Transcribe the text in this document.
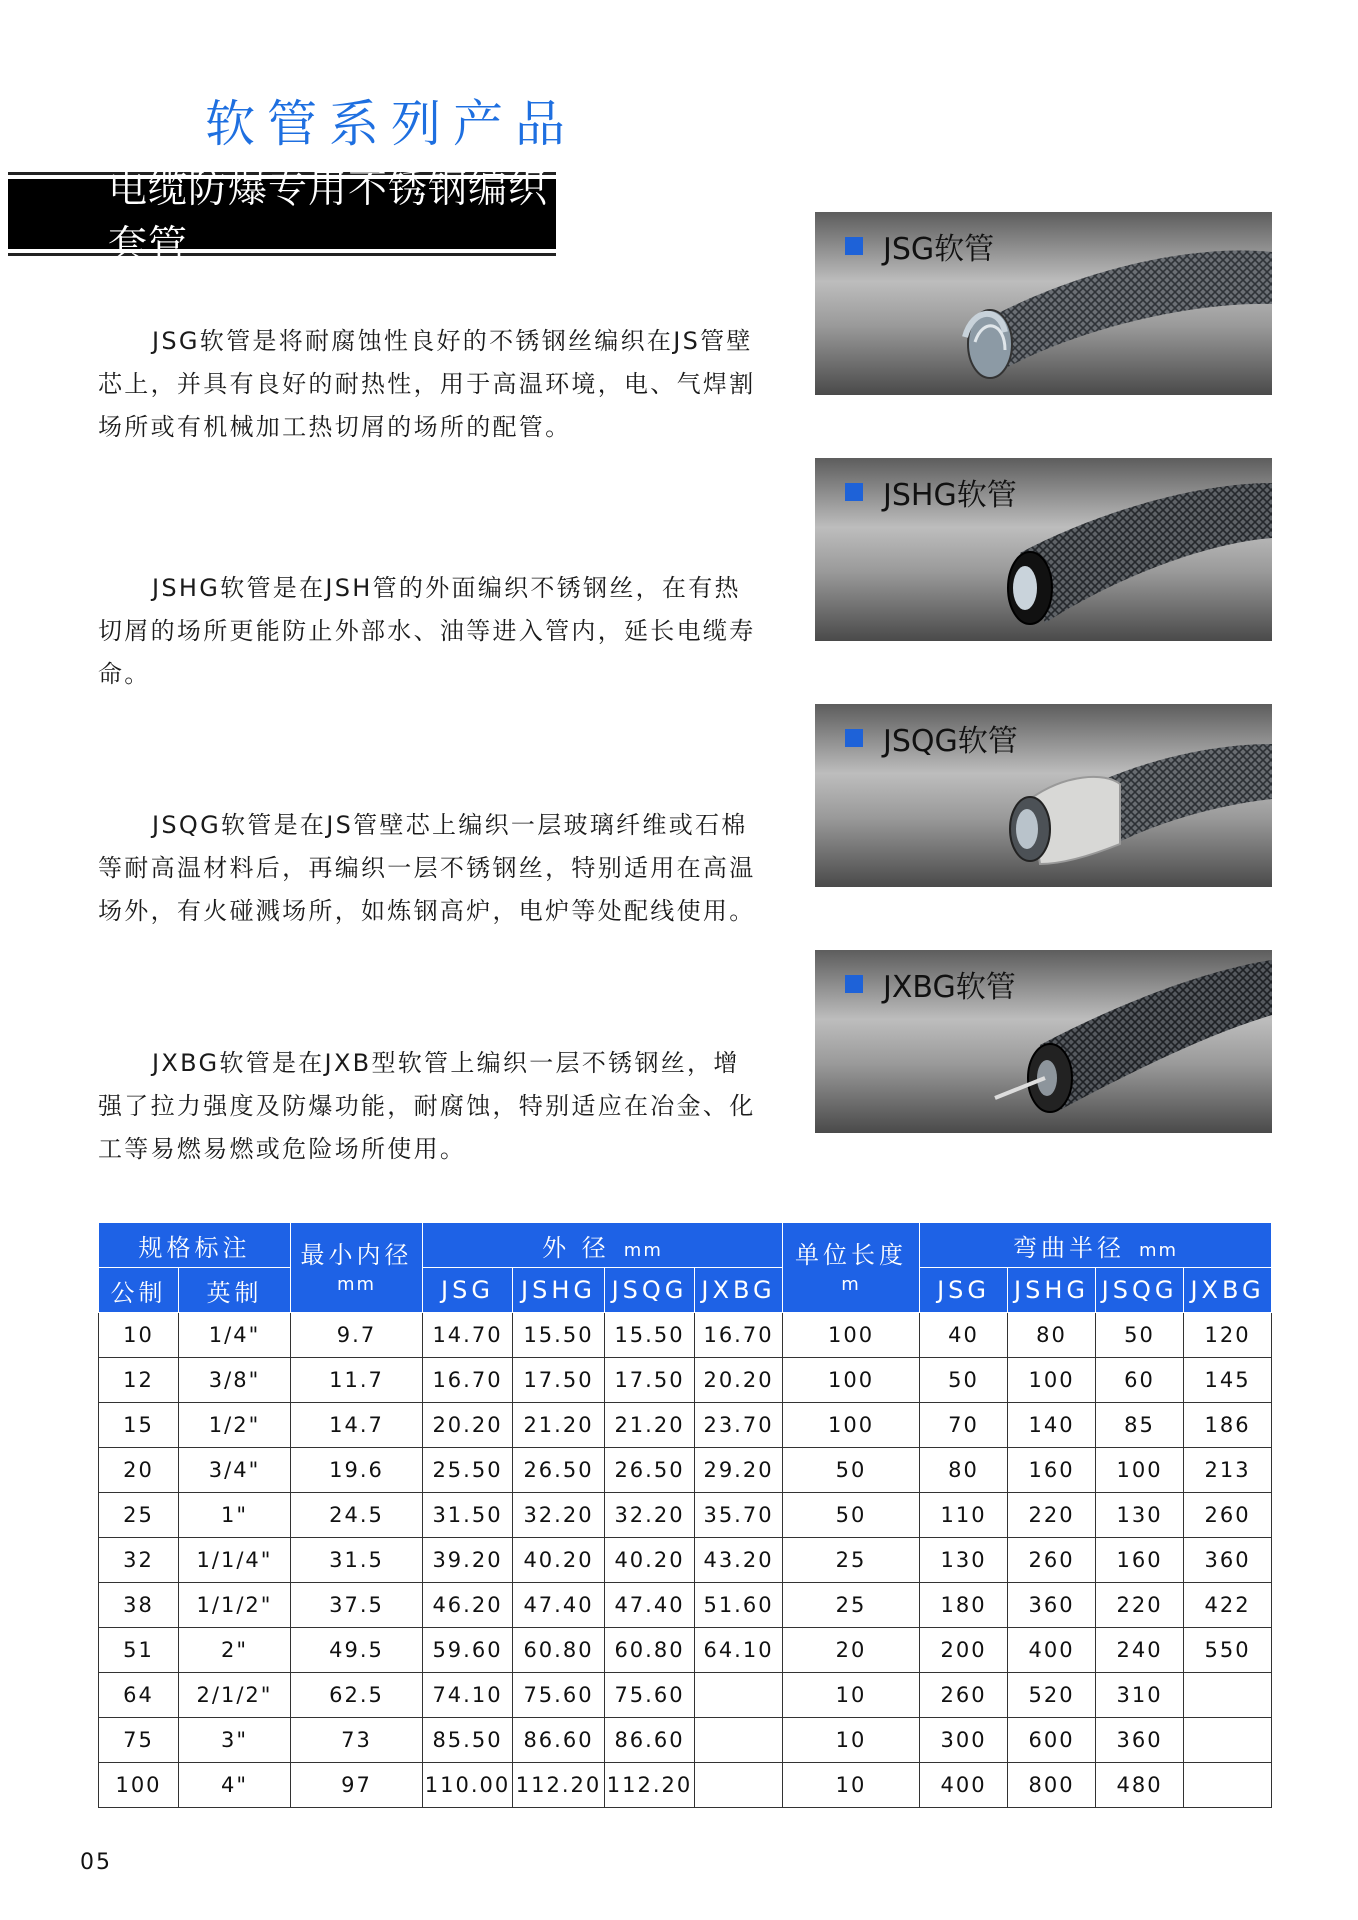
软管系列产品
电缆防爆专用不锈钢编织套管

JSG软管是将耐腐蚀性良好的不锈钢丝编织在JS管壁芯上，并具有良好的耐热性，用于高温环境，电、气焊割场所或有机械加工热切屑的场所的配管。

JSHG软管是在JSH管的外面编织不锈钢丝，在有热切屑的场所更能防止外部水、油等进入管内，延长电缆寿命。

JSQG软管是在JS管壁芯上编织一层玻璃纤维或石棉等耐高温材料后，再编织一层不锈钢丝，特别适用在高温场外，有火碰溅场所，如炼钢高炉，电炉等处配线使用。

JXBG软管是在JXB型软管上编织一层不锈钢丝，增强了拉力强度及防爆功能，耐腐蚀，特别适应在冶金、化工等易燃易燃或危险场所使用。

JSG软管
JSHG软管
JSQG软管
JXBG软管
规格标注		最小内径
mm	外 径 mm				单位长度
m	弯曲半径 mm			
公制	英制		JSG	JSHG	JSQG	JXBG		JSG	JSHG	JSQG	JXBG
10	1/4"	9.7	14.70	15.50	15.50	16.70	100	40	80	50	120
12	3/8"	11.7	16.70	17.50	17.50	20.20	100	50	100	60	145
15	1/2"	14.7	20.20	21.20	21.20	23.70	100	70	140	85	186
20	3/4"	19.6	25.50	26.50	26.50	29.20	50	80	160	100	213
25	1"	24.5	31.50	32.20	32.20	35.70	50	110	220	130	260
32	1/1/4"	31.5	39.20	40.20	40.20	43.20	25	130	260	160	360
38	1/1/2"	37.5	46.20	47.40	47.40	51.60	25	180	360	220	422
51	2"	49.5	59.60	60.80	60.80	64.10	20	200	400	240	550
64	2/1/2"	62.5	74.10	75.60	75.60		10	260	520	310	
75	3"	73	85.50	86.60	86.60		10	300	600	360	
100	4"	97	110.00	112.20	112.20		10	400	800	480	
05
